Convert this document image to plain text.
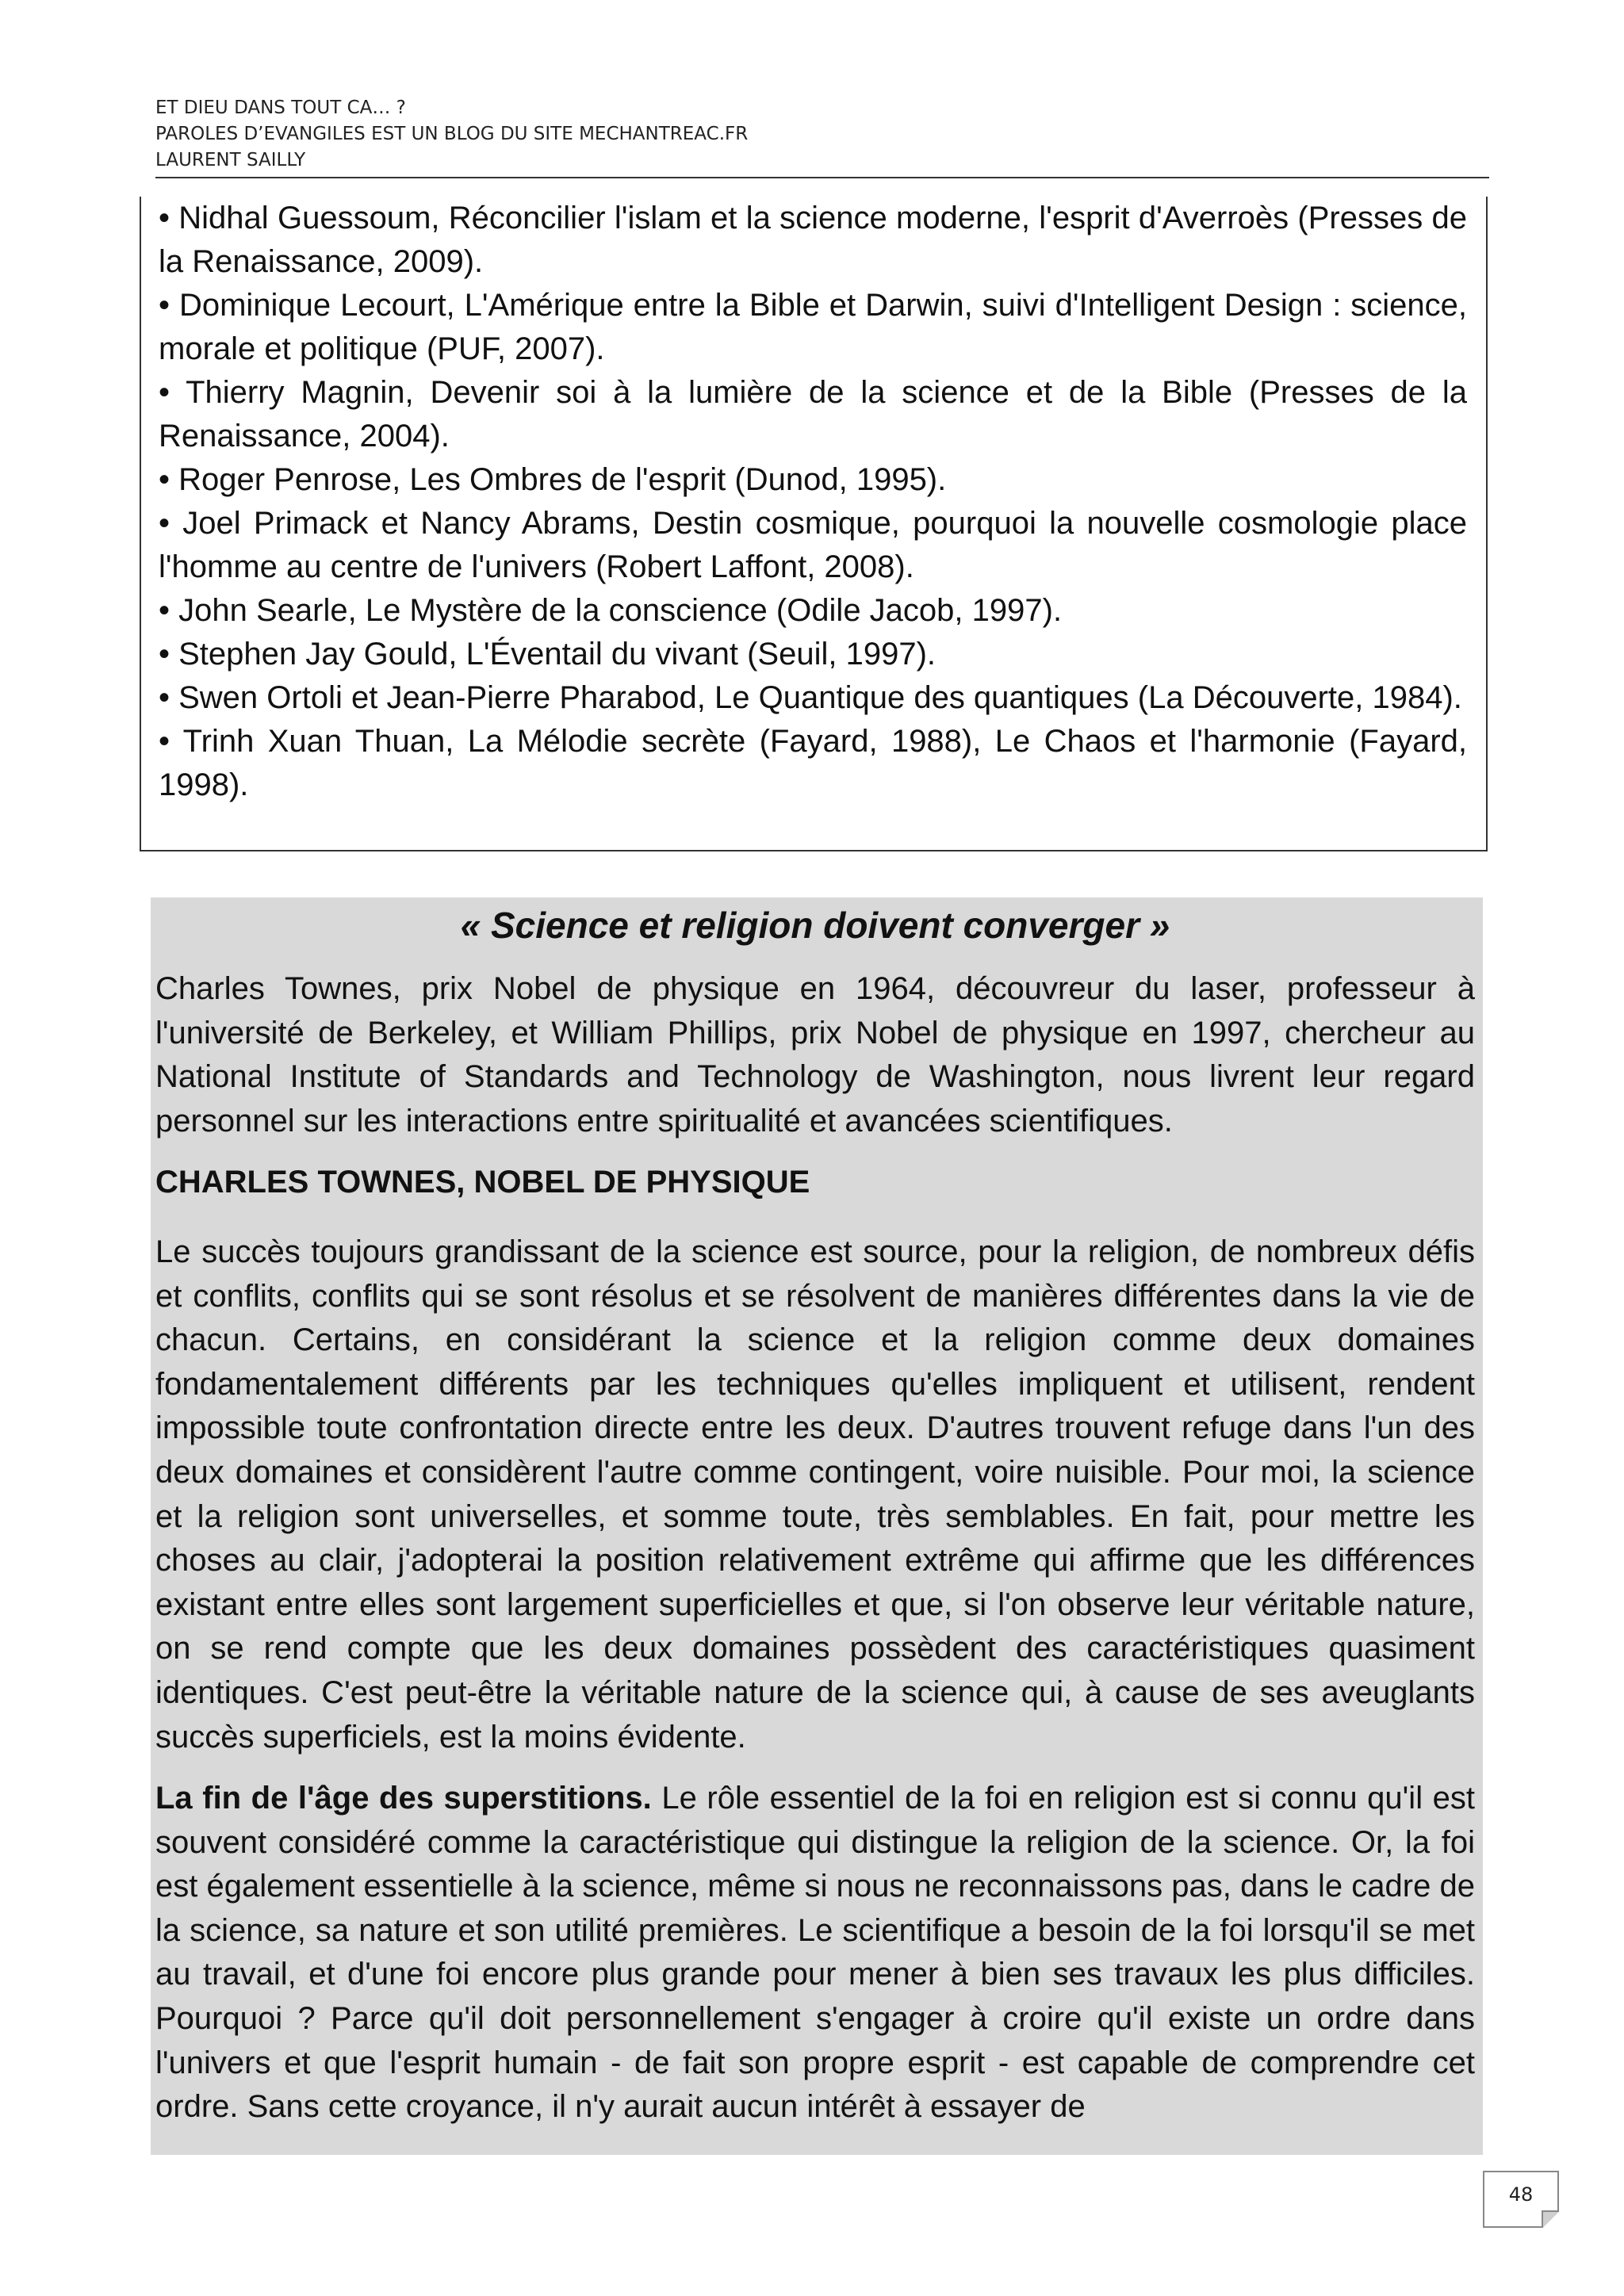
ET DIEU DANS TOUT CA… ?
PAROLES D’EVANGILES EST UN BLOG DU SITE MECHANTREAC.FR
LAURENT SAILLY
• Nidhal Guessoum, Réconcilier l'islam et la science moderne, l'esprit d'Averroès (Presses de la Renaissance, 2009).
• Dominique Lecourt, L'Amérique entre la Bible et Darwin, suivi d'Intelligent Design : science, morale et politique (PUF, 2007).
• Thierry Magnin, Devenir soi à la lumière de la science et de la Bible (Presses de la Renaissance, 2004).
• Roger Penrose, Les Ombres de l'esprit (Dunod, 1995).
• Joel Primack et Nancy Abrams, Destin cosmique, pourquoi la nouvelle cosmologie place l'homme au centre de l'univers (Robert Laffont, 2008).
• John Searle, Le Mystère de la conscience (Odile Jacob, 1997).
• Stephen Jay Gould, L'Éventail du vivant (Seuil, 1997).
• Swen Ortoli et Jean-Pierre Pharabod, Le Quantique des quantiques (La Découverte, 1984).
• Trinh Xuan Thuan, La Mélodie secrète (Fayard, 1988), Le Chaos et l'harmonie (Fayard, 1998).
« Science et religion doivent converger »

Charles Townes, prix Nobel de physique en 1964, découvreur du laser, professeur à l'université de Berkeley, et William Phillips, prix Nobel de physique en 1997, chercheur au National Institute of Standards and Technology de Washington, nous livrent leur regard personnel sur les interactions entre spiritualité et avancées scientifiques.

CHARLES TOWNES, NOBEL DE PHYSIQUE

Le succès toujours grandissant de la science est source, pour la religion, de nombreux défis et conflits, conflits qui se sont résolus et se résolvent de manières différentes dans la vie de chacun. Certains, en considérant la science et la religion comme deux domaines fondamentalement différents par les techniques qu'elles impliquent et utilisent, rendent impossible toute confrontation directe entre les deux. D'autres trouvent refuge dans l'un des deux domaines et considèrent l'autre comme contingent, voire nuisible. Pour moi, la science et la religion sont universelles, et somme toute, très semblables. En fait, pour mettre les choses au clair, j'adopterai la position relativement extrême qui affirme que les différences existant entre elles sont largement superficielles et que, si l'on observe leur véritable nature, on se rend compte que les deux domaines possèdent des caractéristiques quasiment identiques. C'est peut-être la véritable nature de la science qui, à cause de ses aveuglants succès superficiels, est la moins évidente.

La fin de l'âge des superstitions. Le rôle essentiel de la foi en religion est si connu qu'il est souvent considéré comme la caractéristique qui distingue la religion de la science. Or, la foi est également essentielle à la science, même si nous ne reconnaissons pas, dans le cadre de la science, sa nature et son utilité premières. Le scientifique a besoin de la foi lorsqu'il se met au travail, et d'une foi encore plus grande pour mener à bien ses travaux les plus difficiles. Pourquoi ? Parce qu'il doit personnellement s'engager à croire qu'il existe un ordre dans l'univers et que l'esprit humain - de fait son propre esprit - est capable de comprendre cet ordre. Sans cette croyance, il n'y aurait aucun intérêt à essayer de

48
